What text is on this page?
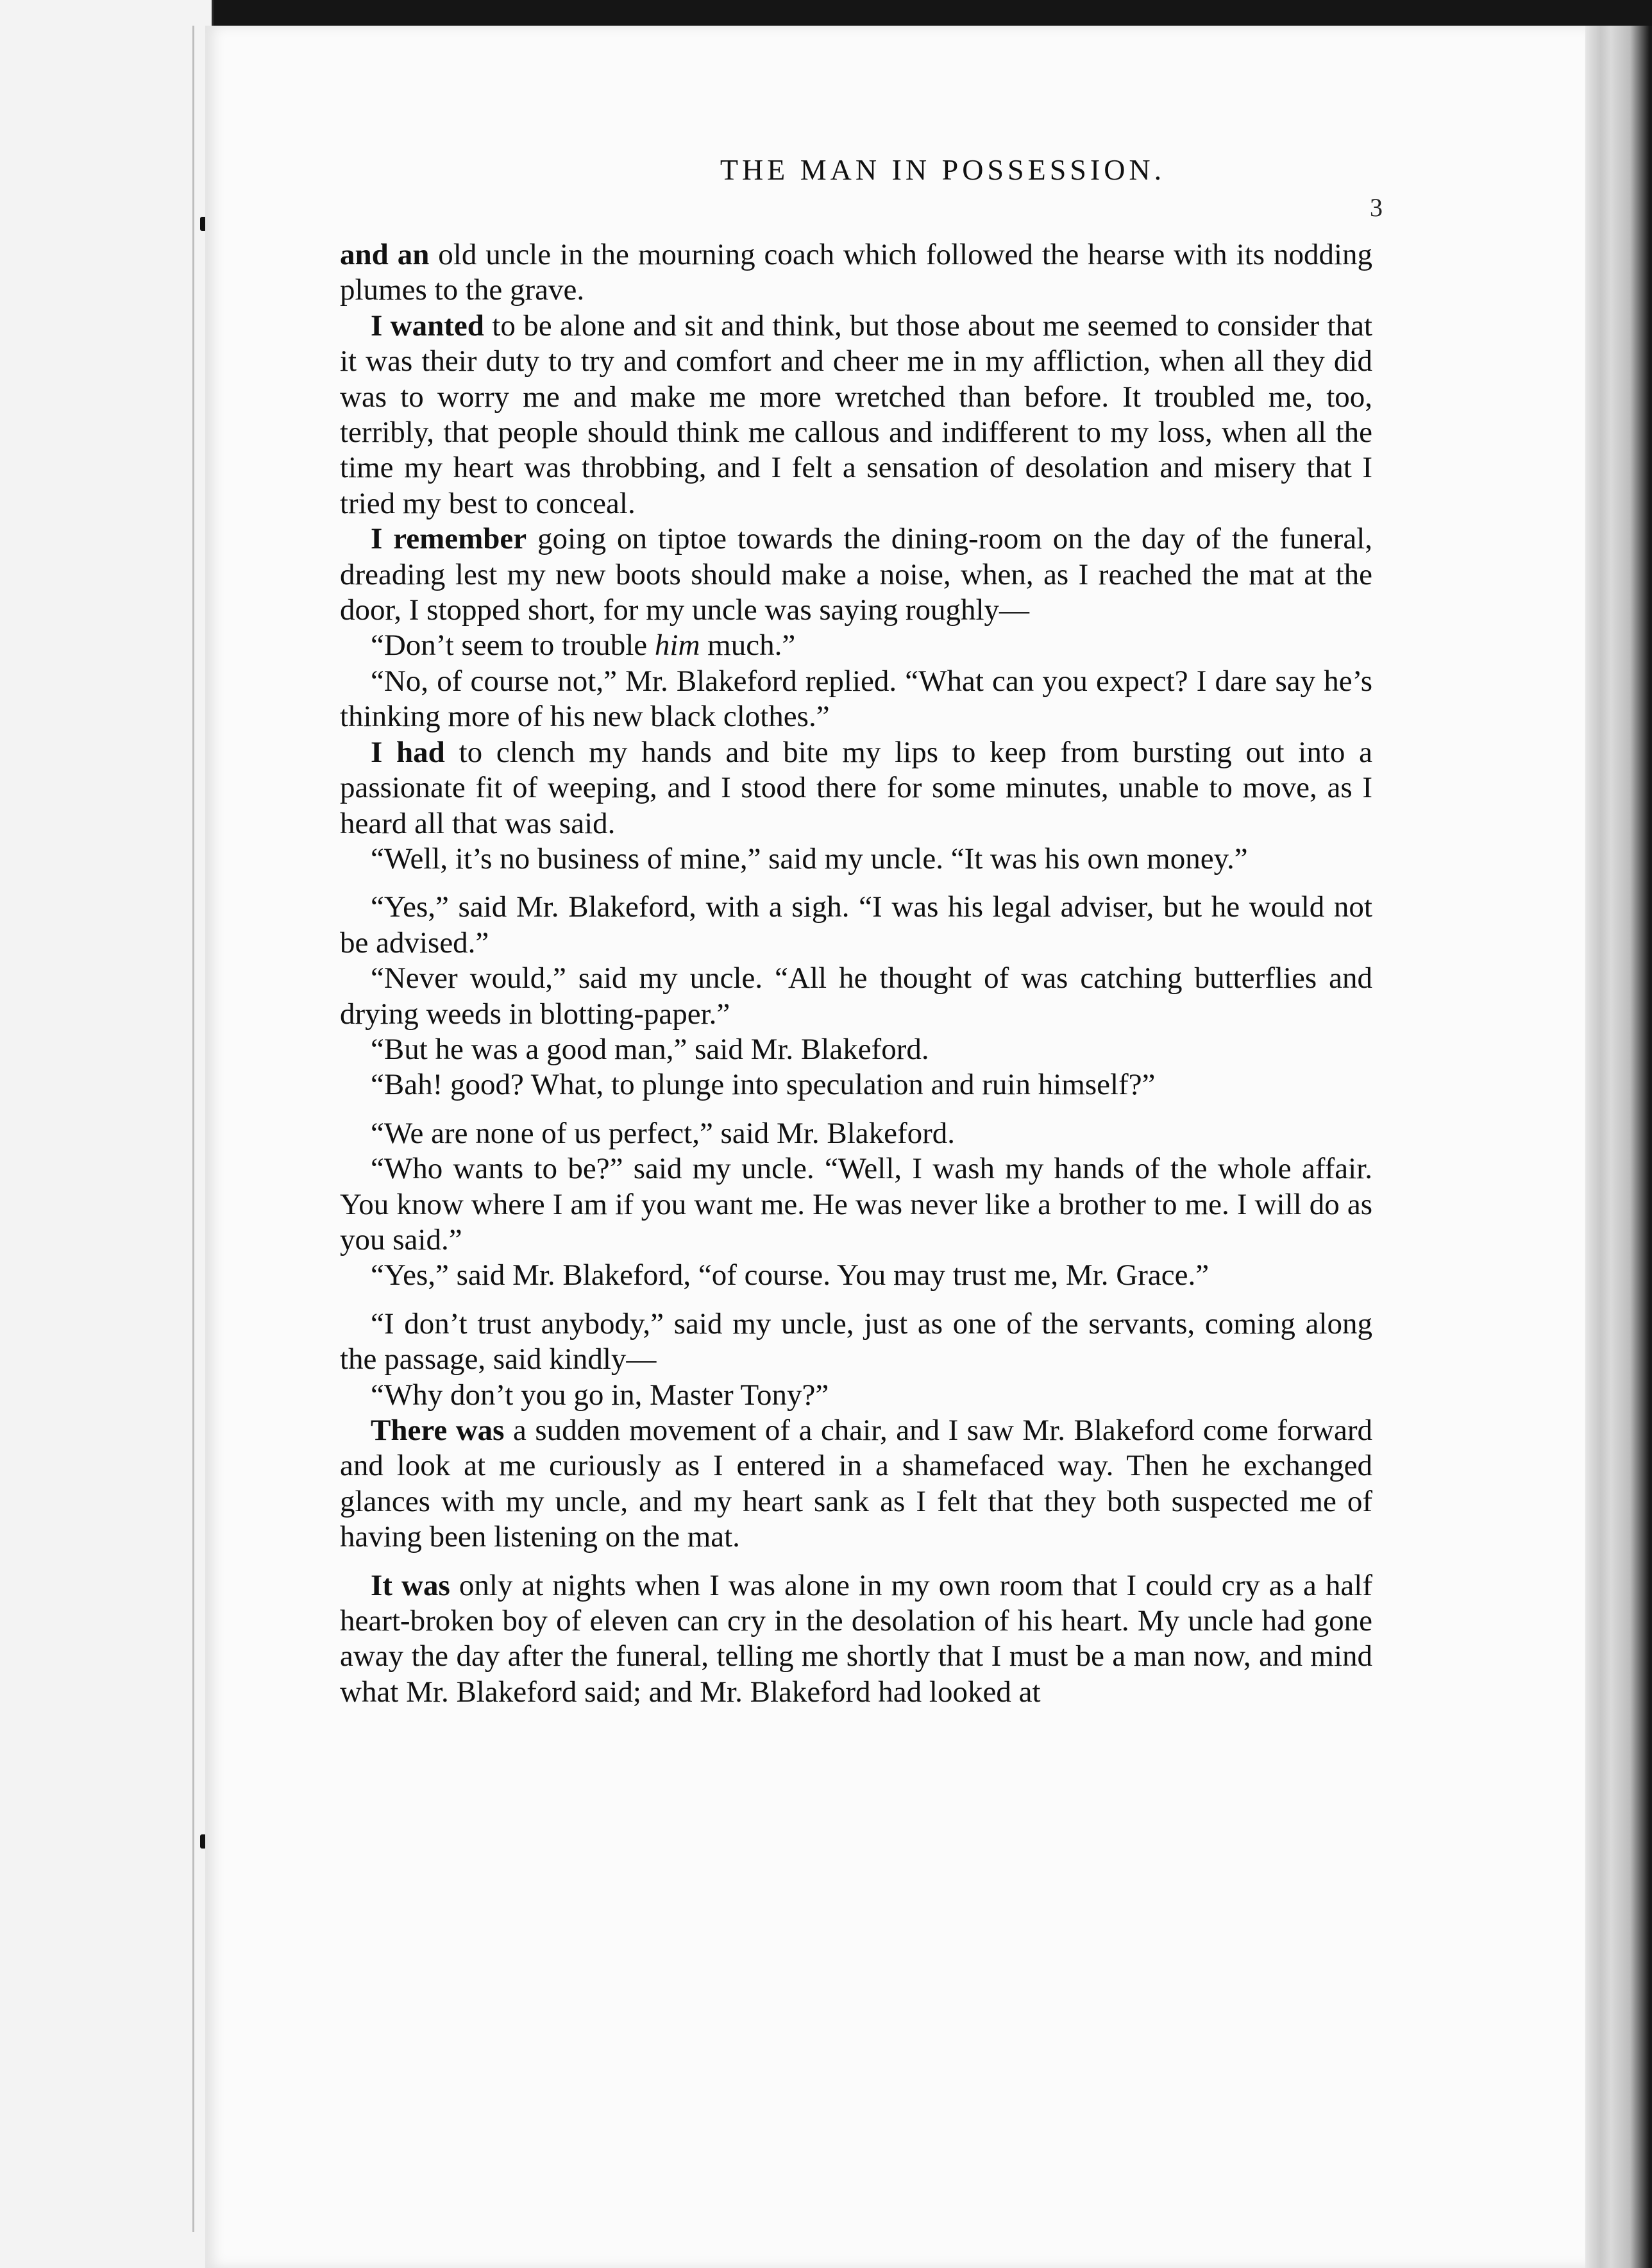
THE MAN IN POSSESSION.
3

and an old uncle in the mourning coach which followed the hearse with its nodding plumes to the grave.

I wanted to be alone and sit and think, but those about me seemed to consider that it was their duty to try and comfort and cheer me in my affliction, when all they did was to worry me and make me more wretched than before. It troubled me, too, terribly, that people should think me callous and indifferent to my loss, when all the time my heart was throbbing, and I felt a sensation of desolation and misery that I tried my best to conceal.

I remember going on tiptoe towards the dining-room on the day of the funeral, dreading lest my new boots should make a noise, when, as I reached the mat at the door, I stopped short, for my uncle was saying roughly—

“Don’t seem to trouble him much.”

“No, of course not,” Mr. Blakeford replied. “What can you expect? I dare say he’s thinking more of his new black clothes.”

I had to clench my hands and bite my lips to keep from bursting out into a passionate fit of weeping, and I stood there for some minutes, unable to move, as I heard all that was said.

“Well, it’s no business of mine,” said my uncle. “It was his own money.”

“Yes,” said Mr. Blakeford, with a sigh. “I was his legal adviser, but he would not be advised.”

“Never would,” said my uncle. “All he thought of was catching butterflies and drying weeds in blotting-paper.”

“But he was a good man,” said Mr. Blakeford.

“Bah! good? What, to plunge into speculation and ruin himself?”

“We are none of us perfect,” said Mr. Blakeford.

“Who wants to be?” said my uncle. “Well, I wash my hands of the whole affair. You know where I am if you want me. He was never like a brother to me. I will do as you said.”

“Yes,” said Mr. Blakeford, “of course. You may trust me, Mr. Grace.”

“I don’t trust anybody,” said my uncle, just as one of the servants, coming along the passage, said kindly—

“Why don’t you go in, Master Tony?”

There was a sudden movement of a chair, and I saw Mr. Blakeford come forward and look at me curiously as I entered in a shamefaced way. Then he exchanged glances with my uncle, and my heart sank as I felt that they both suspected me of having been listening on the mat.

It was only at nights when I was alone in my own room that I could cry as a half heart-broken boy of eleven can cry in the desolation of his heart. My uncle had gone away the day after the funeral, telling me shortly that I must be a man now, and mind what Mr. Blakeford said; and Mr. Blakeford had looked at
